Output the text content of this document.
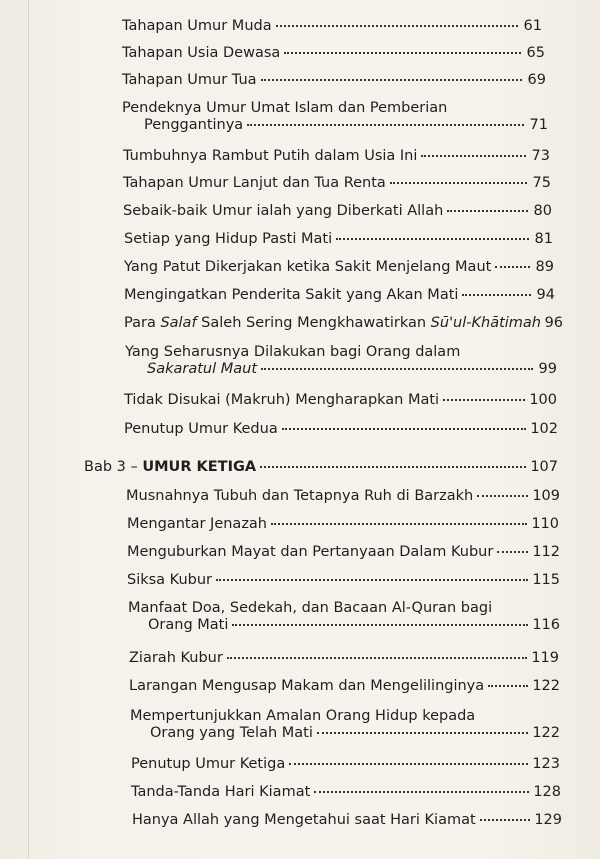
Tahapan Umur Muda	61
Tahapan Usia Dewasa	65
Tahapan Umur Tua	69
Pendeknya Umur Umat Islam dan Pemberian
Penggantinya	71
Tumbuhnya Rambut Putih dalam Usia Ini	73
Tahapan Umur Lanjut dan Tua Renta	75
Sebaik-baik Umur ialah yang Diberkati Allah	80
Setiap yang Hidup Pasti Mati	81
Yang Patut Dikerjakan ketika Sakit Menjelang Maut	89
Mengingatkan Penderita Sakit yang Akan Mati	94
Para Salaf Saleh Sering Mengkhawatirkan Sū'ul-Khātimah 96
Yang Seharusnya Dilakukan bagi Orang dalam
Sakaratul Maut	99
Tidak Disukai (Makruh) Mengharapkan Mati	100
Penutup Umur Kedua	102
Bab 3 – UMUR KETIGA	107
Musnahnya Tubuh dan Tetapnya Ruh di Barzakh	109
Mengantar Jenazah	110
Menguburkan Mayat dan Pertanyaan Dalam Kubur	112
Siksa Kubur	115
Manfaat Doa, Sedekah, dan Bacaan Al-Quran bagi
Orang Mati	116
Ziarah Kubur	119
Larangan Mengusap Makam dan Mengelilinginya	122
Mempertunjukkan Amalan Orang Hidup kepada
Orang yang Telah Mati	122
Penutup Umur Ketiga	123
Tanda-Tanda Hari Kiamat	128
Hanya Allah yang Mengetahui saat Hari Kiamat	129
